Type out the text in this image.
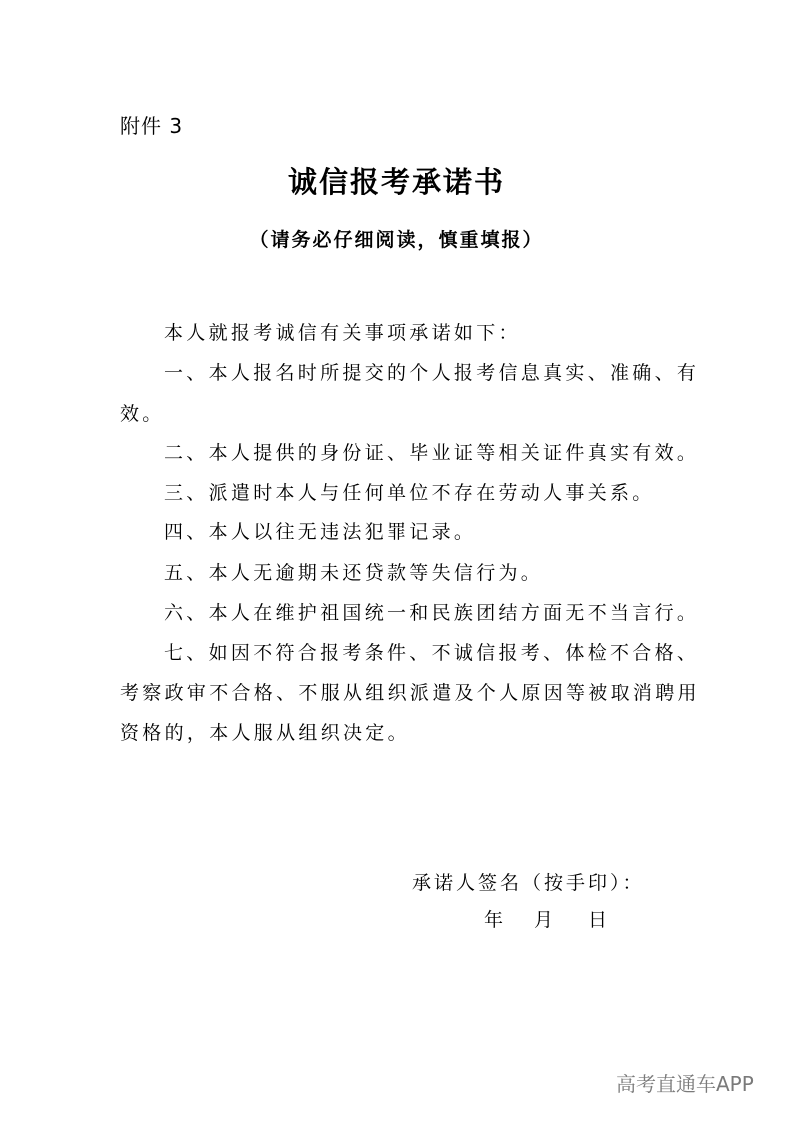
附件 3
诚信报考承诺书
（请务必仔细阅读，慎重填报）
本人就报考诚信有关事项承诺如下：
一、本人报名时所提交的个人报考信息真实、准确、有
效。
二、本人提供的身份证、毕业证等相关证件真实有效。
三、派遣时本人与任何单位不存在劳动人事关系。
四、本人以往无违法犯罪记录。
五、本人无逾期未还贷款等失信行为。
六、本人在维护祖国统一和民族团结方面无不当言行。
七、如因不符合报考条件、不诚信报考、体检不合格、
考察政审不合格、不服从组织派遣及个人原因等被取消聘用
资格的，本人服从组织决定。
承诺人签名（按手印）：
年 月 日
高考直通车APP
